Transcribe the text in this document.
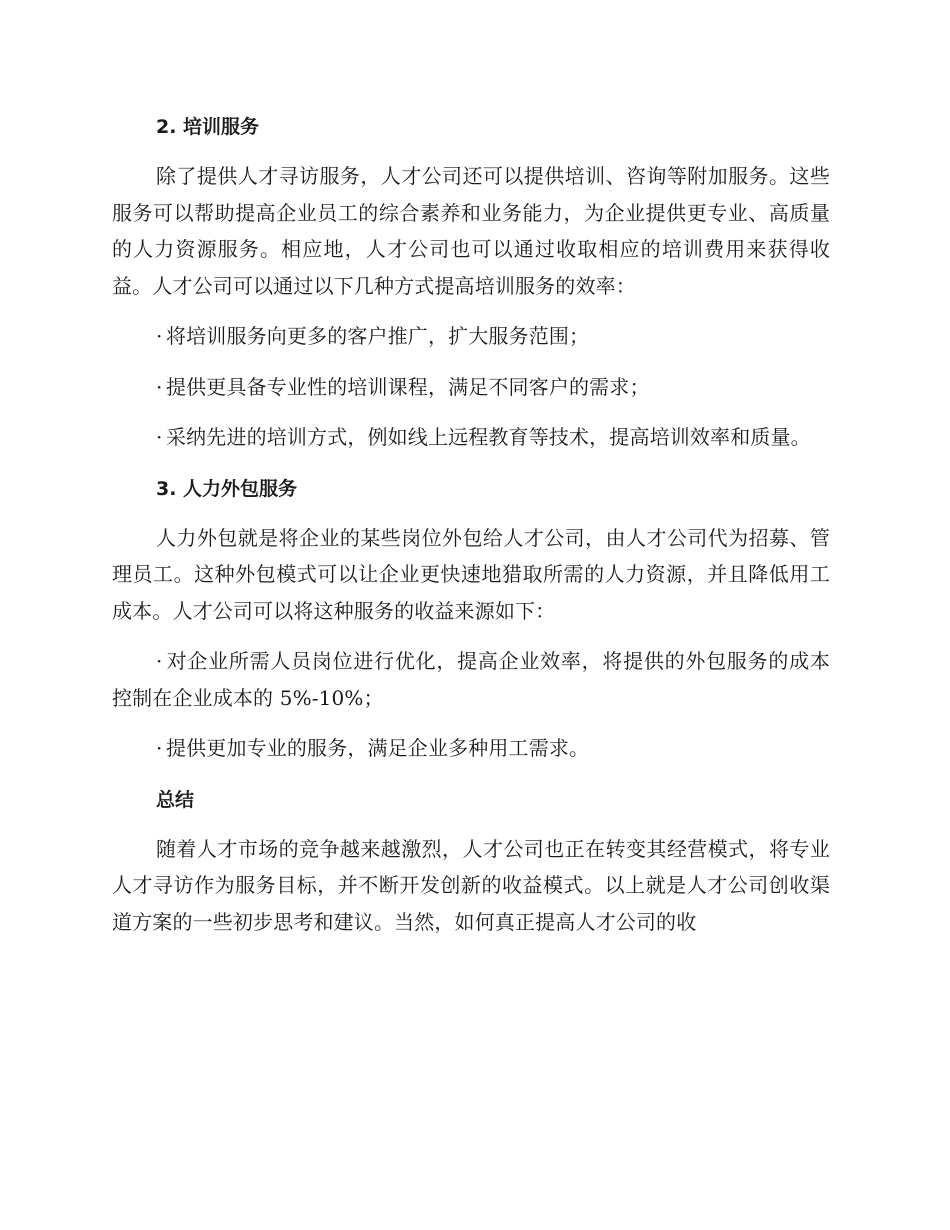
2. 培训服务

除了提供人才寻访服务，人才公司还可以提供培训、咨询等附加服务。这些服务可以帮助提高企业员工的综合素养和业务能力，为企业提供更专业、高质量的人力资源服务。相应地，人才公司也可以通过收取相应的培训费用来获得收益。人才公司可以通过以下几种方式提高培训服务的效率：

· 将培训服务向更多的客户推广，扩大服务范围；

· 提供更具备专业性的培训课程，满足不同客户的需求；

· 采纳先进的培训方式，例如线上远程教育等技术，提高培训效率和质量。

3. 人力外包服务

人力外包就是将企业的某些岗位外包给人才公司，由人才公司代为招募、管理员工。这种外包模式可以让企业更快速地猎取所需的人力资源，并且降低用工成本。人才公司可以将这种服务的收益来源如下：

· 对企业所需人员岗位进行优化，提高企业效率，将提供的外包服务的成本控制在企业成本的 5%-10%；

· 提供更加专业的服务，满足企业多种用工需求。

总结

随着人才市场的竞争越来越激烈，人才公司也正在转变其经营模式，将专业人才寻访作为服务目标，并不断开发创新的收益模式。以上就是人才公司创收渠道方案的一些初步思考和建议。当然，如何真正提高人才公司的收
